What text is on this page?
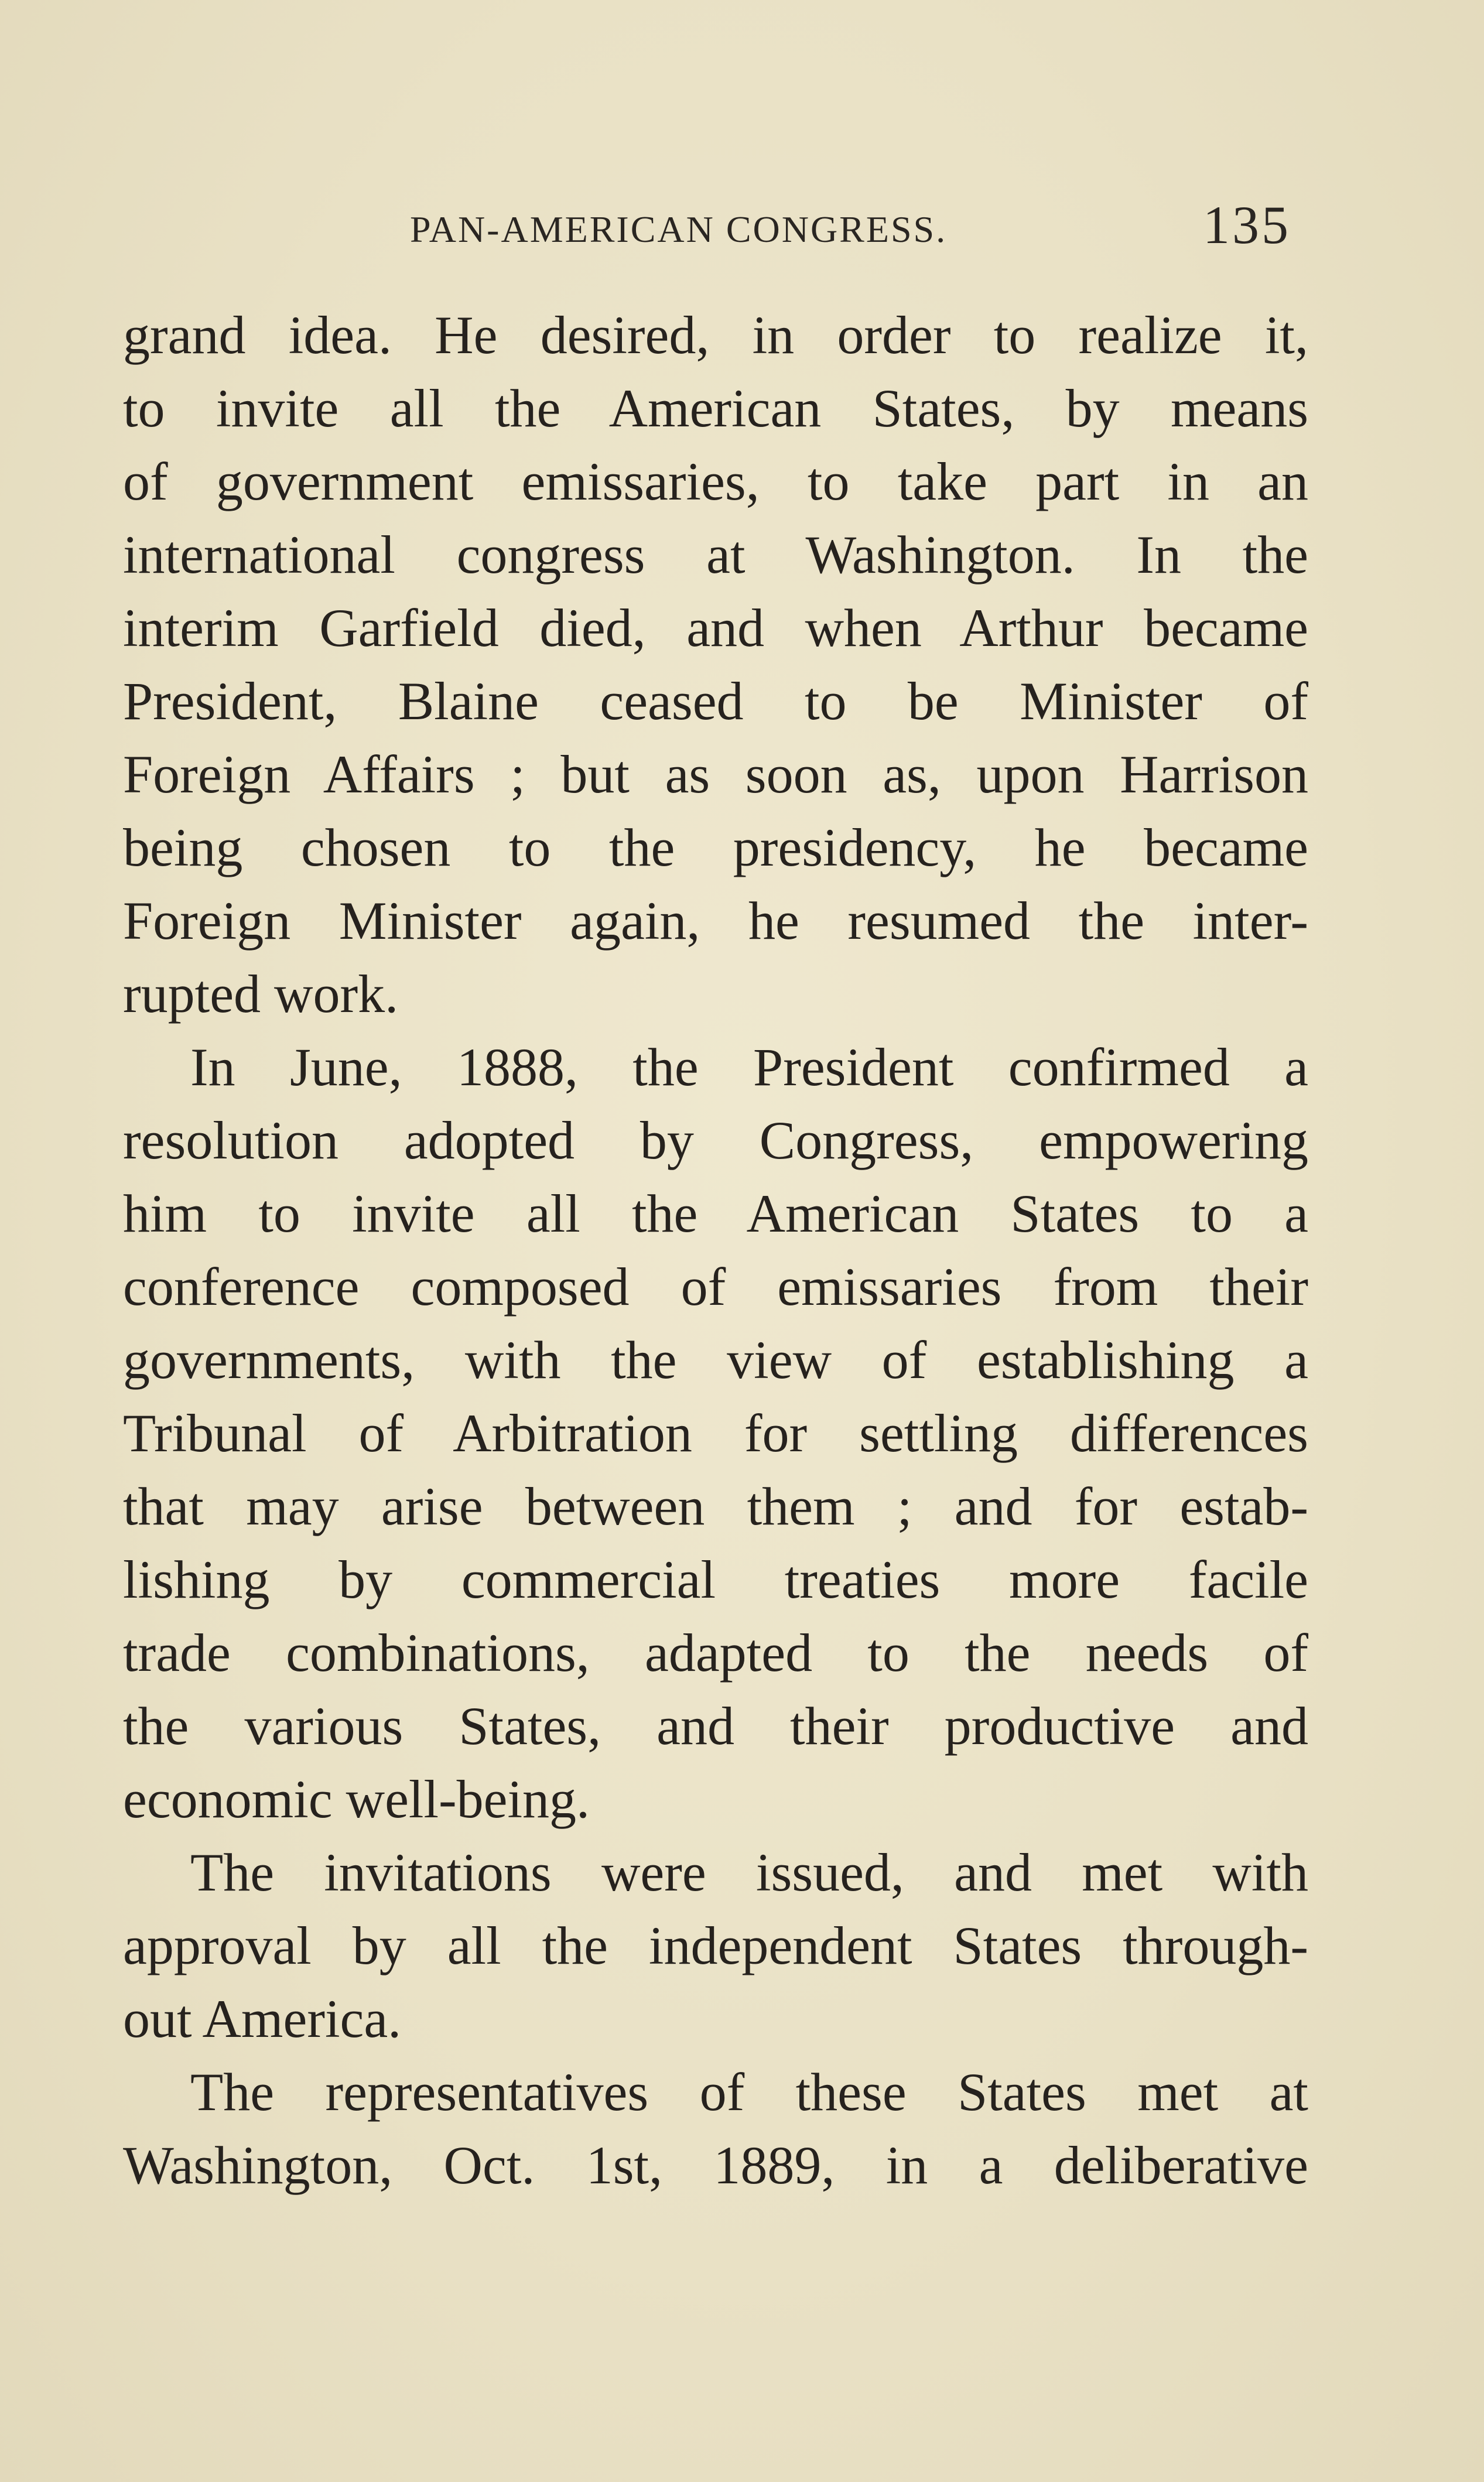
PAN-AMERICAN CONGRESS.	135
grand idea. He desired, in order to realize it,
to invite all the American States, by means
of government emissaries, to take part in an
international congress at Washington. In the
interim Garfield died, and when Arthur became
President, Blaine ceased to be Minister of
Foreign Affairs ; but as soon as, upon Harrison
being chosen to the presidency, he became
Foreign Minister again, he resumed the inter-
rupted work.
In June, 1888, the President confirmed a
resolution adopted by Congress, empowering
him to invite all the American States to a
conference composed of emissaries from their
governments, with the view of establishing a
Tribunal of Arbitration for settling differences
that may arise between them ; and for estab-
lishing by commercial treaties more facile
trade combinations, adapted to the needs of
the various States, and their productive and
economic well-being.
The invitations were issued, and met with
approval by all the independent States through-
out America.
The representatives of these States met at
Washington, Oct. 1st, 1889, in a deliberative
